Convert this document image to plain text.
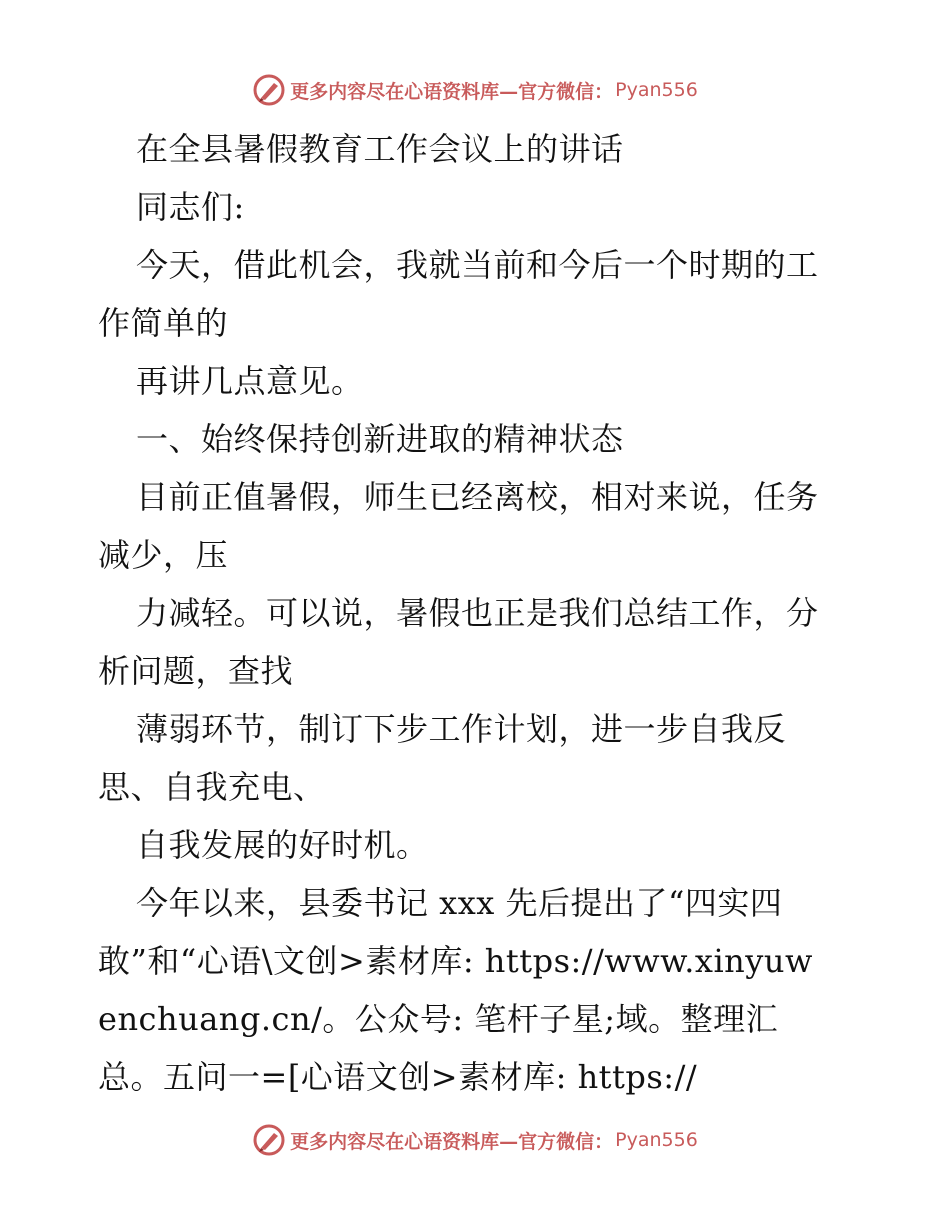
更多内容尽在心语资料库—官方微信： Pyan556
在全县暑假教育工作会议上的讲话
同志们:
今天，借此机会，我就当前和今后一个时期的工
作简单的
再讲几点意见。
一、始终保持创新进取的精神状态
目前正值暑假，师生已经离校，相对来说，任务
减少，压
力减轻。可以说，暑假也正是我们总结工作，分
析问题，查找
薄弱环节，制订下步工作计划，进一步自我反
思、自我充电、
自我发展的好时机。
今年以来，县委书记 xxx 先后提出了“四实四
敢”和“心语\文创>素材库: https://www.xinyuw
enchuang.cn/。公众号: 笔杆子星;域。整理汇
总。五问一=[心语文创>素材库: https://
更多内容尽在心语资料库—官方微信： Pyan556
